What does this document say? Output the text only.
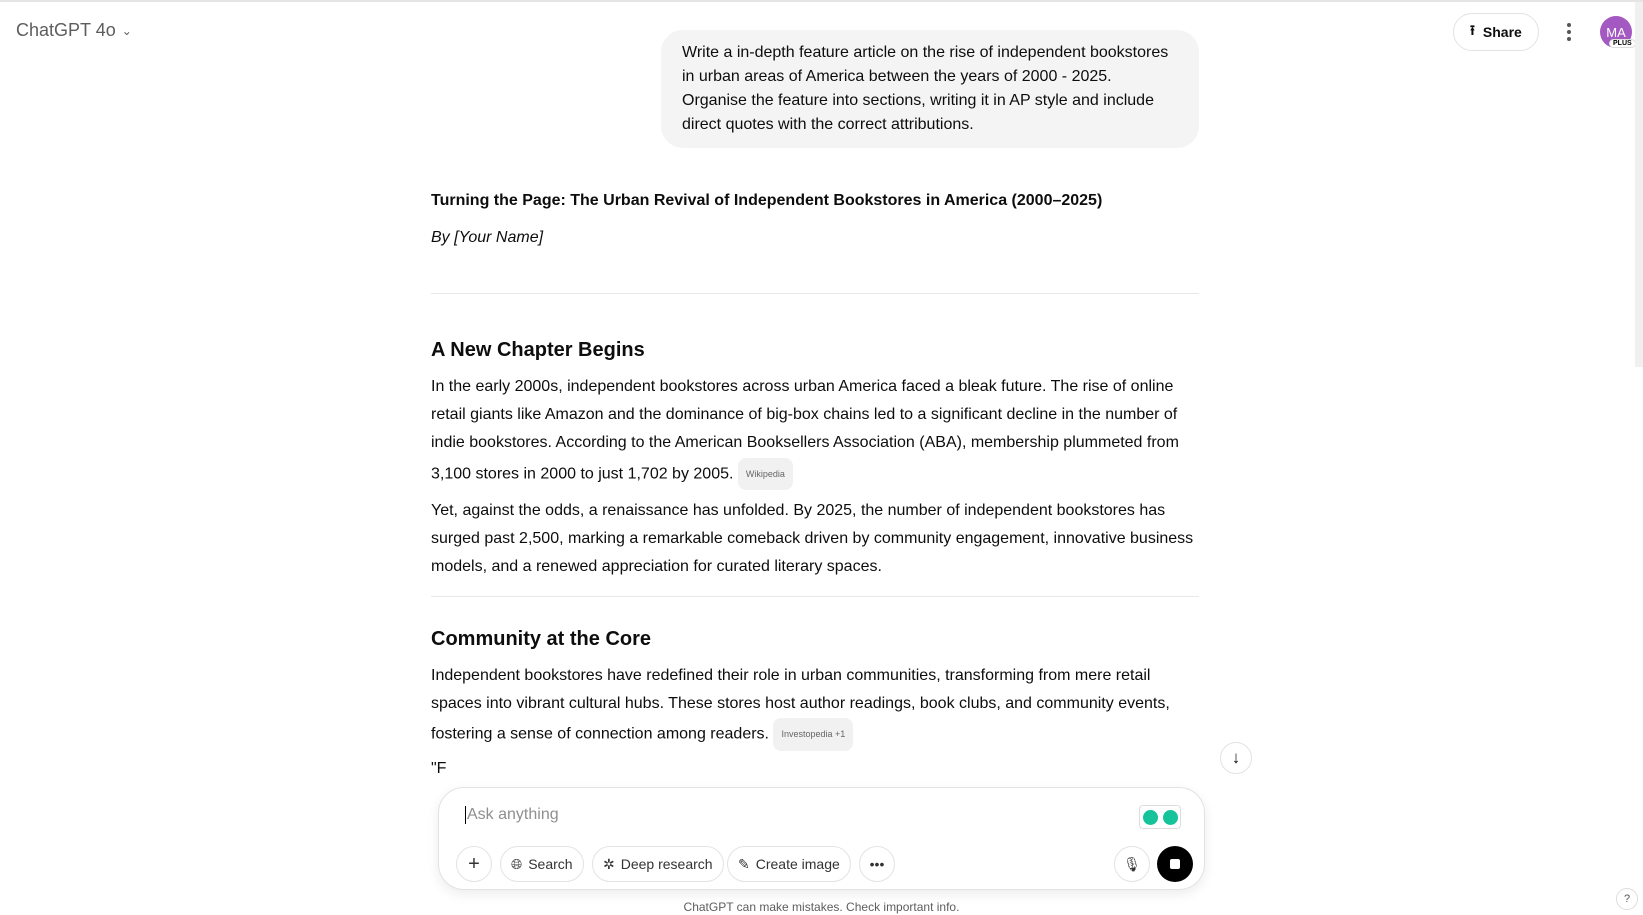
ChatGPT 4o ⌄	⭱ Share	MA
PLUS
Write a in-depth feature article on the rise of independent bookstores in urban areas of America between the years of 2000 - 2025. Organise the feature into sections, writing it in AP style and include direct quotes with the correct attributions.
Turning the Page: The Urban Revival of Independent Bookstores in America (2000–2025)
By [Your Name]
A New Chapter Begins

In the early 2000s, independent bookstores across urban America faced a bleak future. The rise of online retail giants like Amazon and the dominance of big-box chains led to a significant decline in the number of indie bookstores. According to the American Booksellers Association (ABA), membership plummeted from 3,100 stores in 2000 to just 1,702 by 2005. Wikipedia

Yet, against the odds, a renaissance has unfolded. By 2025, the number of independent bookstores has surged past 2,500, marking a remarkable comeback driven by community engagement, innovative business models, and a renewed appreciation for curated literary spaces.

Community at the Core

Independent bookstores have redefined their role in urban communities, transforming from mere retail spaces into vibrant cultural hubs. These stores host author readings, book clubs, and community events, fostering a sense of connection among readers. Investopedia +1

"F

↓
Ask anything
+ 🌐︎ Search ✲ Deep research ✎ Create image	•••	🎙︎
ChatGPT can make mistakes. Check important info.
?
